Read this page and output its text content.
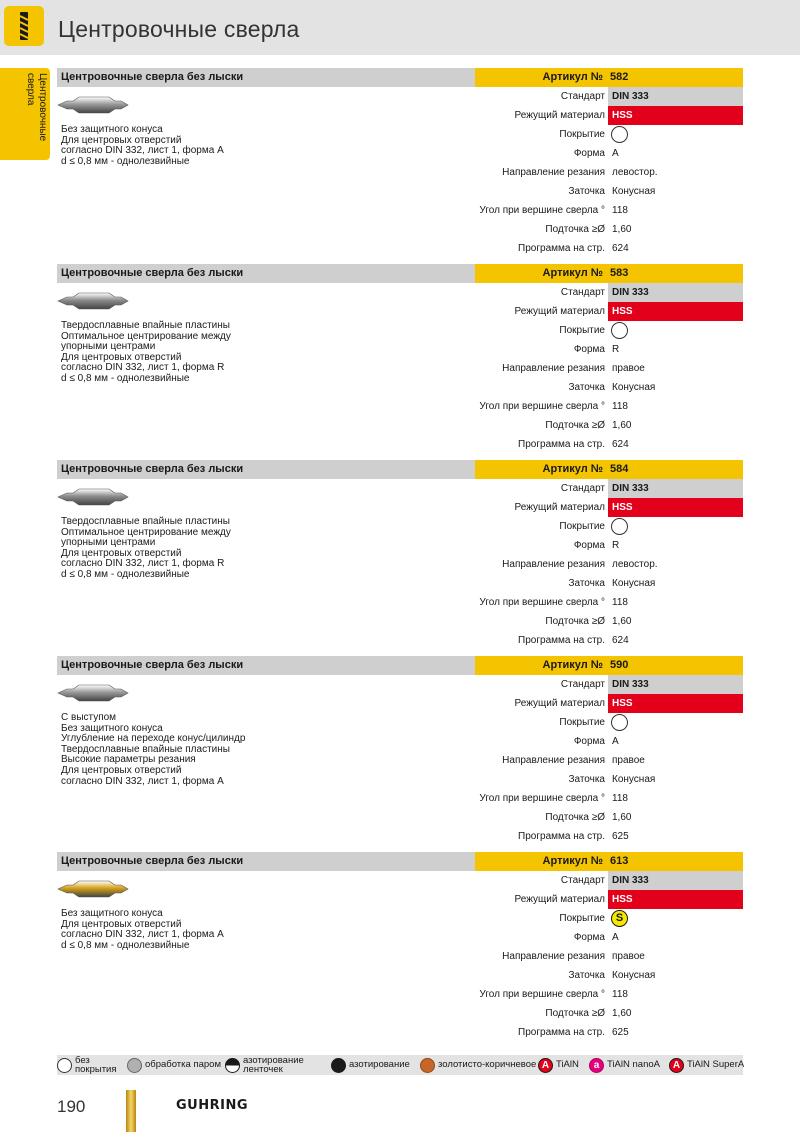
Центровочные сверла
Центровочные сверла	Центровочные сверла без лыски	Артикул № 582
Без защитного конуса
Для центровых отверстий
согласно DIN 332, лист 1, форма A
d ≤ 0,8 мм - однолезвийные
Стандарт DIN 333
Режущий материал HSS
Покрытие
Форма A
Направление резания левостор.
Заточка Конусная
Угол при вершине сверла ° 118
Подточка ≥Ø 1,60
Программа на стр. 624
Центровочные сверла без лыски	Артикул № 583
Твердосплавные впайные пластины
Оптимальное центрирование между
упорными центрами
Для центровых отверстий
согласно DIN 332, лист 1, форма R
d ≤ 0,8 мм - однолезвийные
Стандарт DIN 333
Режущий материал HSS
Покрытие
Форма R
Направление резания правое
Заточка Конусная
Угол при вершине сверла ° 118
Подточка ≥Ø 1,60
Программа на стр. 624
Центровочные сверла без лыски	Артикул № 584
Твердосплавные впайные пластины
Оптимальное центрирование между
упорными центрами
Для центровых отверстий
согласно DIN 332, лист 1, форма R
d ≤ 0,8 мм - однолезвийные
Стандарт DIN 333
Режущий материал HSS
Покрытие
Форма R
Направление резания левостор.
Заточка Конусная
Угол при вершине сверла ° 118
Подточка ≥Ø 1,60
Программа на стр. 624
Центровочные сверла без лыски	Артикул № 590
С выступом
Без защитного конуса
Углубление на переходе конус/цилиндр
Твердосплавные впайные пластины
Высокие параметры резания
Для центровых отверстий
согласно DIN 332, лист 1, форма A
Стандарт DIN 333
Режущий материал HSS
Покрытие
Форма A
Направление резания правое
Заточка Конусная
Угол при вершине сверла ° 118
Подточка ≥Ø 1,60
Программа на стр. 625
Центровочные сверла без лыски	Артикул № 613
Без защитного конуса
Для центровых отверстий
согласно DIN 332, лист 1, форма A
d ≤ 0,8 мм - однолезвийные
Стандарт DIN 333
Режущий материал HSS
Покрытие S
Форма A
Направление резания правое
Заточка Конусная
Угол при вершине сверла ° 118
Подточка ≥Ø 1,60
Программа на стр. 625
без
покрытия	обработка паром азотирование
ленточек	азотирование	золотисто-коричневое A TiAlN	a TiAlN nanoA A TiAlN SuperA
190	GUHRING
